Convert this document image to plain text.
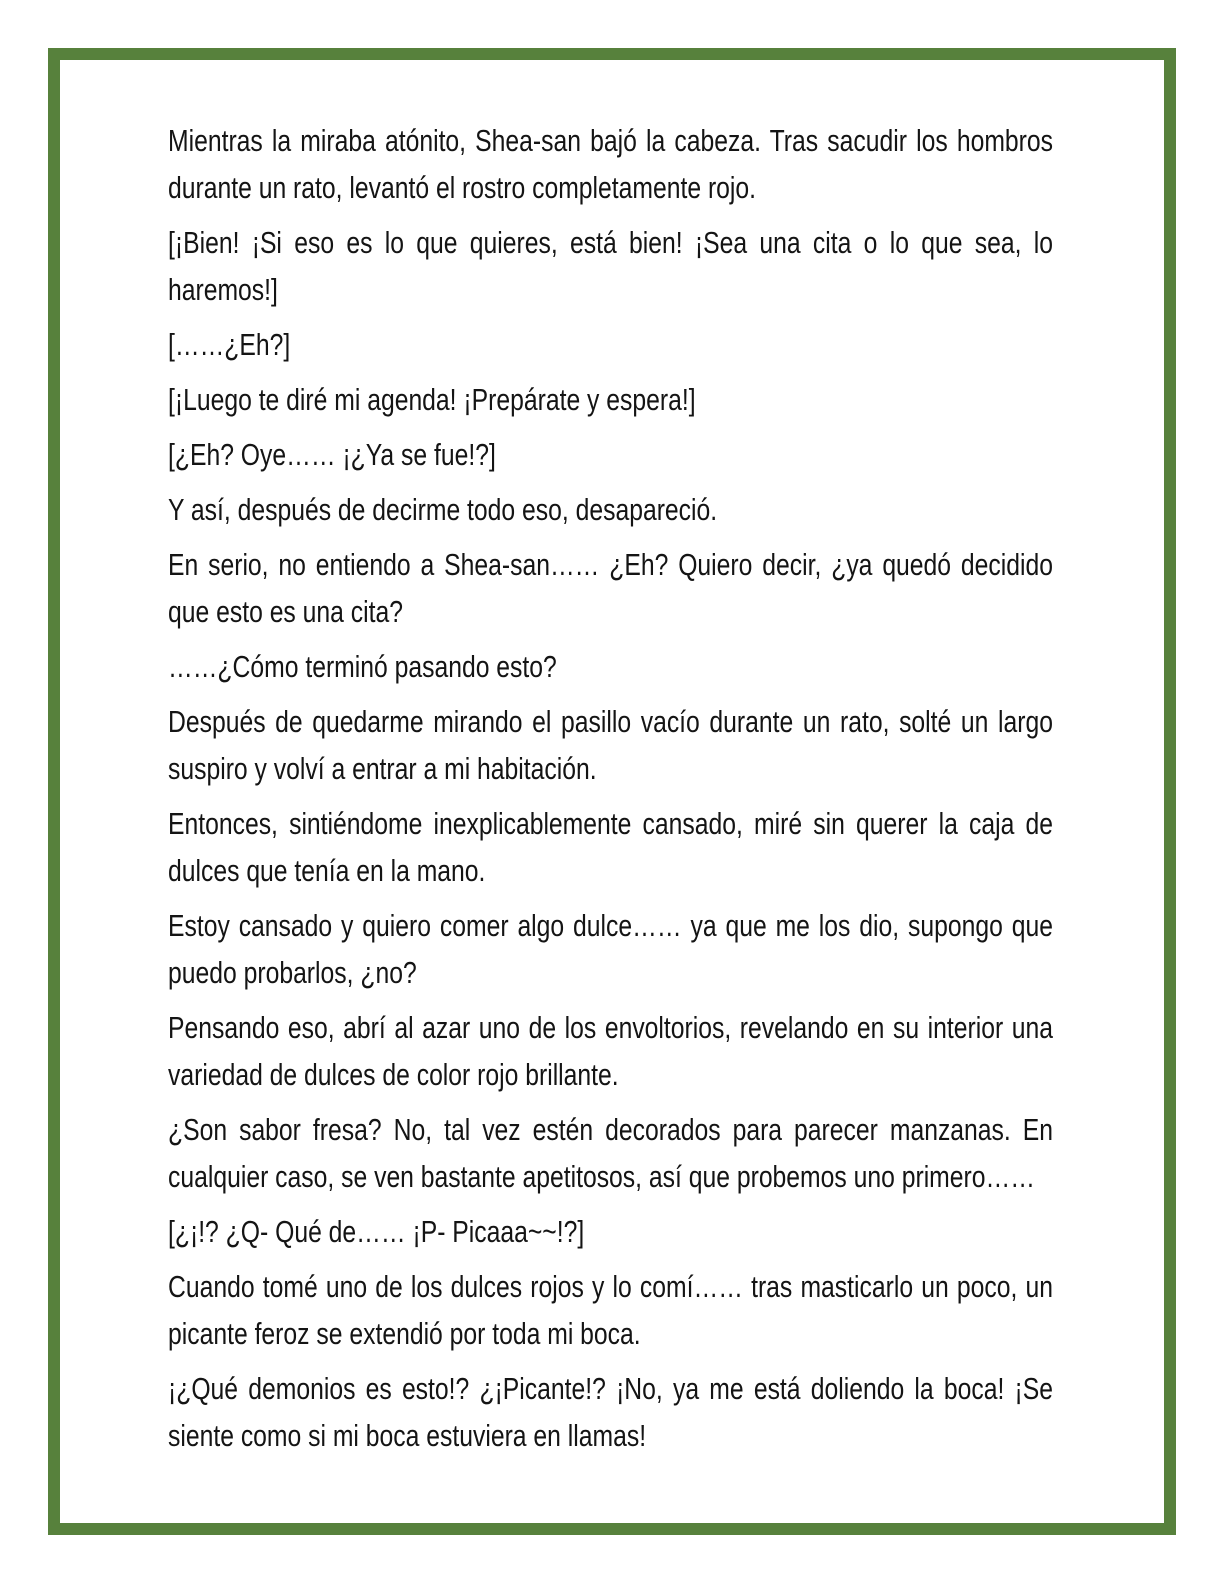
Mientras la miraba atónito, Shea-san bajó la cabeza. Tras sacudir los hombros
durante un rato, levantó el rostro completamente rojo.
[¡Bien! ¡Si eso es lo que quieres, está bien! ¡Sea una cita o lo que sea, lo
haremos!]
[……¿Eh?]
[¡Luego te diré mi agenda! ¡Prepárate y espera!]
[¿Eh? Oye…… ¡¿Ya se fue!?]
Y así, después de decirme todo eso, desapareció.
En serio, no entiendo a Shea-san…… ¿Eh? Quiero decir, ¿ya quedó decidido
que esto es una cita?
……¿Cómo terminó pasando esto?
Después de quedarme mirando el pasillo vacío durante un rato, solté un largo
suspiro y volví a entrar a mi habitación.
Entonces, sintiéndome inexplicablemente cansado, miré sin querer la caja de
dulces que tenía en la mano.
Estoy cansado y quiero comer algo dulce…… ya que me los dio, supongo que
puedo probarlos, ¿no?
Pensando eso, abrí al azar uno de los envoltorios, revelando en su interior una
variedad de dulces de color rojo brillante.
¿Son sabor fresa? No, tal vez estén decorados para parecer manzanas. En
cualquier caso, se ven bastante apetitosos, así que probemos uno primero……
[¿¡!? ¿Q- Qué de…… ¡P- Picaaa~~!?]
Cuando tomé uno de los dulces rojos y lo comí…… tras masticarlo un poco, un
picante feroz se extendió por toda mi boca.
¡¿Qué demonios es esto!? ¿¡Picante!? ¡No, ya me está doliendo la boca! ¡Se
siente como si mi boca estuviera en llamas!
